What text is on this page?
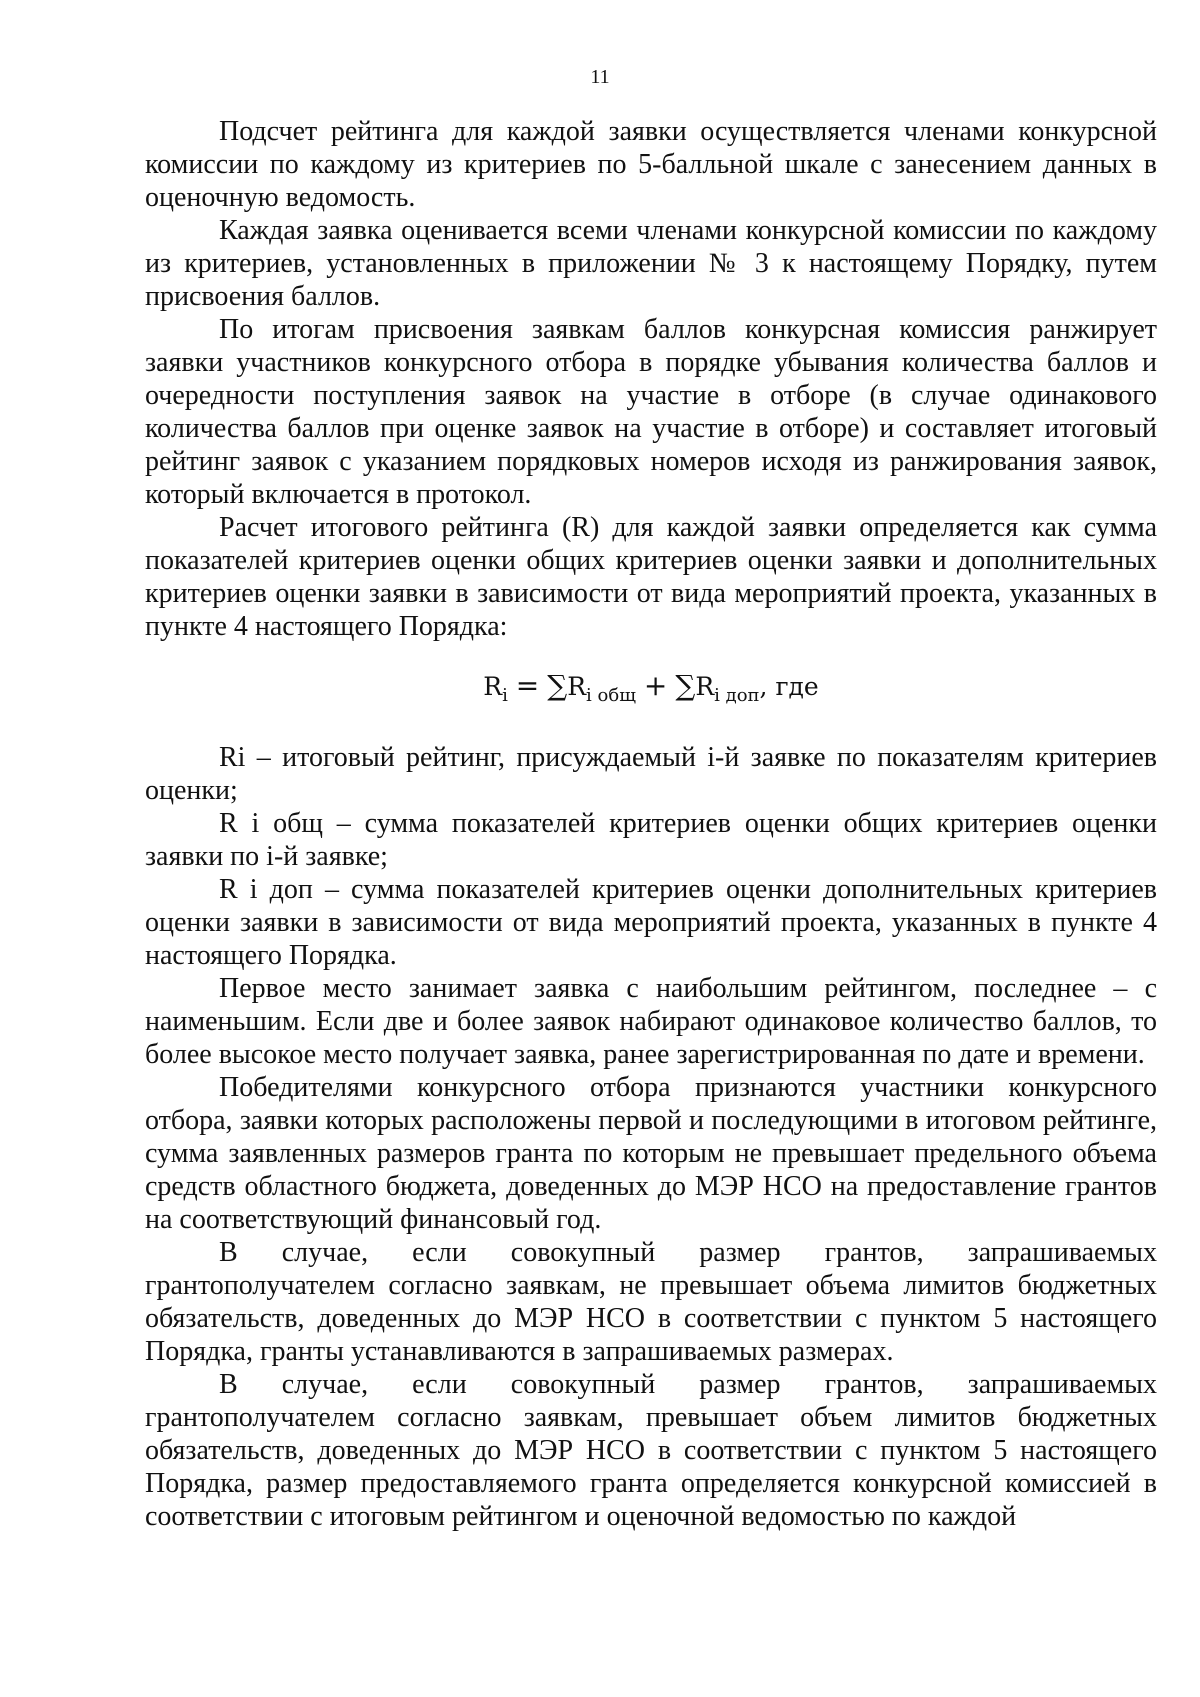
11

Подсчет рейтинга для каждой заявки осуществляется членами конкурсной комиссии по каждому из критериев по 5-балльной шкале с занесением данных в оценочную ведомость.

Каждая заявка оценивается всеми членами конкурсной комиссии по каждому из критериев, установленных в приложении № 3 к настоящему Порядку, путем присвоения баллов.

По итогам присвоения заявкам баллов конкурсная комиссия ранжирует заявки участников конкурсного отбора в порядке убывания количества баллов и очередности поступления заявок на участие в отборе (в случае одинакового количества баллов при оценке заявок на участие в отборе) и составляет итоговый рейтинг заявок с указанием порядковых номеров исходя из ранжирования заявок, который включается в протокол.

Расчет итогового рейтинга (R) для каждой заявки определяется как сумма показателей критериев оценки общих критериев оценки заявки и дополнительных критериев оценки заявки в зависимости от вида мероприятий проекта, указанных в пункте 4 настоящего Порядка:

$R_i = \sum R_{i общ} + \sum R_{i доп}$, где

Ri – итоговый рейтинг, присуждаемый i-й заявке по показателям критериев оценки;

R i общ – сумма показателей критериев оценки общих критериев оценки заявки по i-й заявке;

R i доп – сумма показателей критериев оценки дополнительных критериев оценки заявки в зависимости от вида мероприятий проекта, указанных в пункте 4 настоящего Порядка.

Первое место занимает заявка с наибольшим рейтингом, последнее – с наименьшим. Если две и более заявок набирают одинаковое количество баллов, то более высокое место получает заявка, ранее зарегистрированная по дате и времени.

Победителями конкурсного отбора признаются участники конкурсного отбора, заявки которых расположены первой и последующими в итоговом рейтинге, сумма заявленных размеров гранта по которым не превышает предельного объема средств областного бюджета, доведенных до МЭР НСО на предоставление грантов на соответствующий финансовый год.

В случае, если совокупный размер грантов, запрашиваемых грантополучателем согласно заявкам, не превышает объема лимитов бюджетных обязательств, доведенных до МЭР НСО в соответствии с пунктом 5 настоящего Порядка, гранты устанавливаются в запрашиваемых размерах.

В случае, если совокупный размер грантов, запрашиваемых грантополучателем согласно заявкам, превышает объем лимитов бюджетных обязательств, доведенных до МЭР НСО в соответствии с пунктом 5 настоящего Порядка, размер предоставляемого гранта определяется конкурсной комиссией в соответствии с итоговым рейтингом и оценочной ведомостью по каждой
